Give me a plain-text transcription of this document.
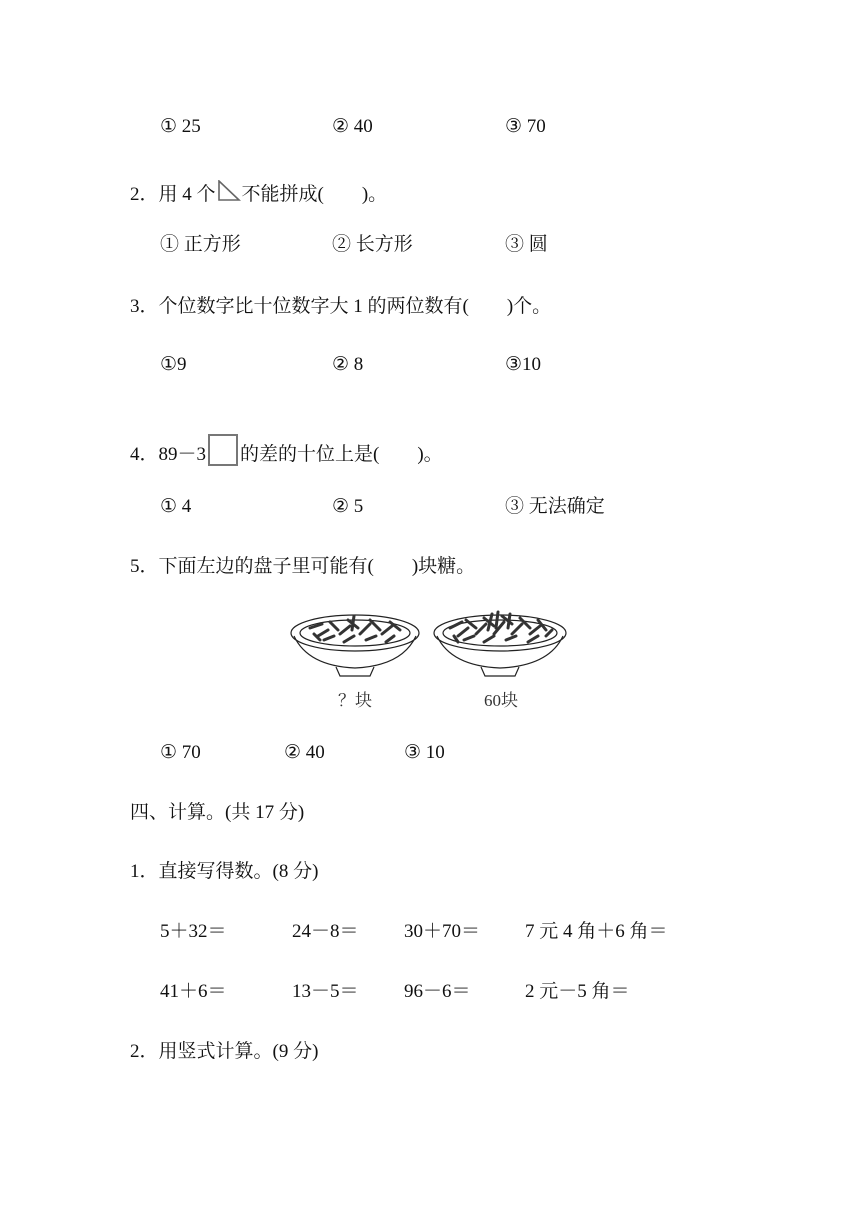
① 25	② 40	③ 70
2．用 4 个 不能拼成(　　)。
① 正方形	② 长方形	③ 圆
3．个位数字比十位数字大 1 的两位数有(　　)个。
①9	② 8	③10
4．89－3 的差的十位上是(　　)。
① 4	② 5	③ 无法确定
5．下面左边的盘子里可能有(　　)块糖。
？块	60块
① 70	② 40	③ 10
四、计算。(共 17 分)
1．直接写得数。(8 分)
5＋32＝	24－8＝ 30＋70＝ 7 元 4 角＋6 角＝
41＋6＝	13－5＝ 96－6＝	2 元－5 角＝
2．用竖式计算。(9 分)
